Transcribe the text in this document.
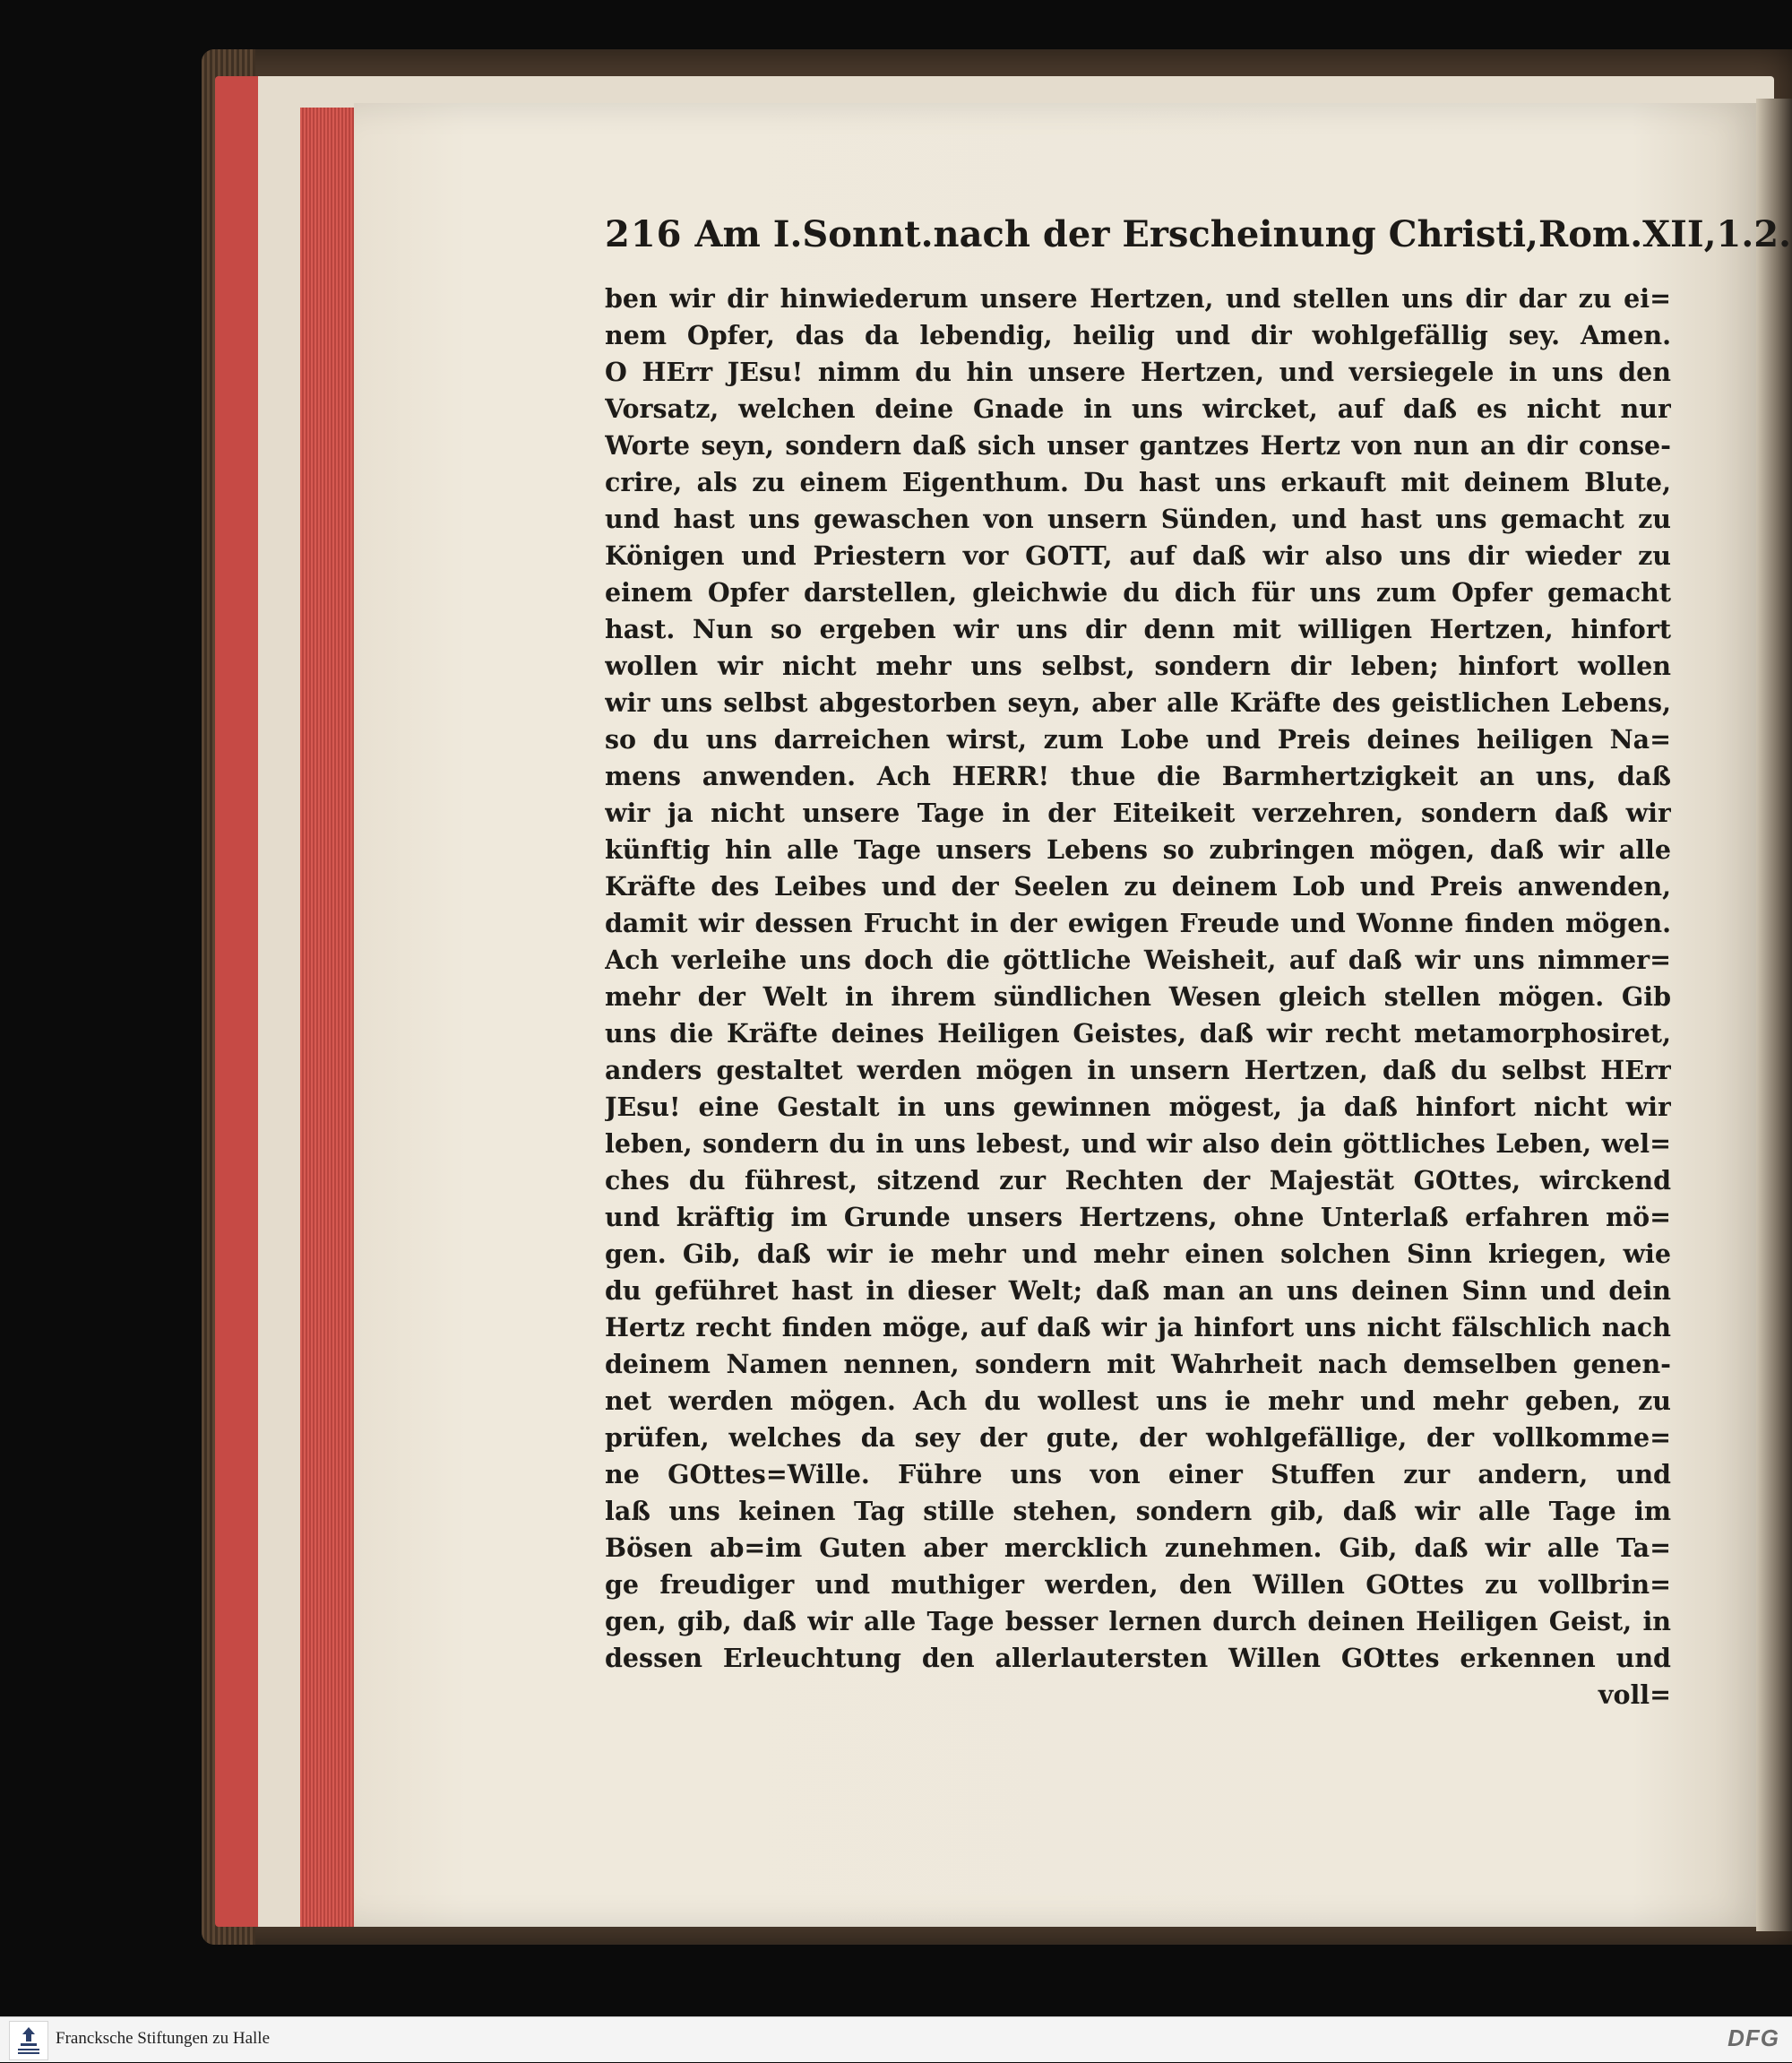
216 Am I.Sonnt.nach der Erscheinung Christi,Rom.XII,1.2.
ben wir dir hinwiederum unsere Hertzen, und stellen uns dir dar zu ei=
nem Opfer, das da lebendig, heilig und dir wohlgefällig sey. Amen.
O HErr JEsu! nimm du hin unsere Hertzen, und versiegele in uns den
Vorsatz, welchen deine Gnade in uns wircket, auf daß es nicht nur
Worte seyn, sondern daß sich unser gantzes Hertz von nun an dir conse-
crire, als zu einem Eigenthum. Du hast uns erkauft mit deinem Blute,
und hast uns gewaschen von unsern Sünden, und hast uns gemacht zu
Königen und Priestern vor GOTT, auf daß wir also uns dir wieder zu
einem Opfer darstellen, gleichwie du dich für uns zum Opfer gemacht
hast. Nun so ergeben wir uns dir denn mit willigen Hertzen, hinfort
wollen wir nicht mehr uns selbst, sondern dir leben; hinfort wollen
wir uns selbst abgestorben seyn, aber alle Kräfte des geistlichen Lebens,
so du uns darreichen wirst, zum Lobe und Preis deines heiligen Na=
mens anwenden. Ach HERR! thue die Barmhertzigkeit an uns, daß
wir ja nicht unsere Tage in der Eiteikeit verzehren, sondern daß wir
künftig hin alle Tage unsers Lebens so zubringen mögen, daß wir alle
Kräfte des Leibes und der Seelen zu deinem Lob und Preis anwenden,
damit wir dessen Frucht in der ewigen Freude und Wonne finden mögen.
Ach verleihe uns doch die göttliche Weisheit, auf daß wir uns nimmer=
mehr der Welt in ihrem sündlichen Wesen gleich stellen mögen. Gib
uns die Kräfte deines Heiligen Geistes, daß wir recht metamorphosiret,
anders gestaltet werden mögen in unsern Hertzen, daß du selbst HErr
JEsu! eine Gestalt in uns gewinnen mögest, ja daß hinfort nicht wir
leben, sondern du in uns lebest, und wir also dein göttliches Leben, wel=
ches du führest, sitzend zur Rechten der Majestät GOttes, wirckend
und kräftig im Grunde unsers Hertzens, ohne Unterlaß erfahren mö=
gen. Gib, daß wir ie mehr und mehr einen solchen Sinn kriegen, wie
du geführet hast in dieser Welt; daß man an uns deinen Sinn und dein
Hertz recht finden möge, auf daß wir ja hinfort uns nicht fälschlich nach
deinem Namen nennen, sondern mit Wahrheit nach demselben genen-
net werden mögen. Ach du wollest uns ie mehr und mehr geben, zu
prüfen, welches da sey der gute, der wohlgefällige, der vollkomme=
ne GOttes=Wille. Führe uns von einer Stuffen zur andern, und
laß uns keinen Tag stille stehen, sondern gib, daß wir alle Tage im
Bösen ab=im Guten aber mercklich zunehmen. Gib, daß wir alle Ta=
ge freudiger und muthiger werden, den Willen GOttes zu vollbrin=
gen, gib, daß wir alle Tage besser lernen durch deinen Heiligen Geist, in
dessen Erleuchtung den allerlautersten Willen GOttes erkennen und
voll=
Francksche Stiftungen zu Halle	DFG
